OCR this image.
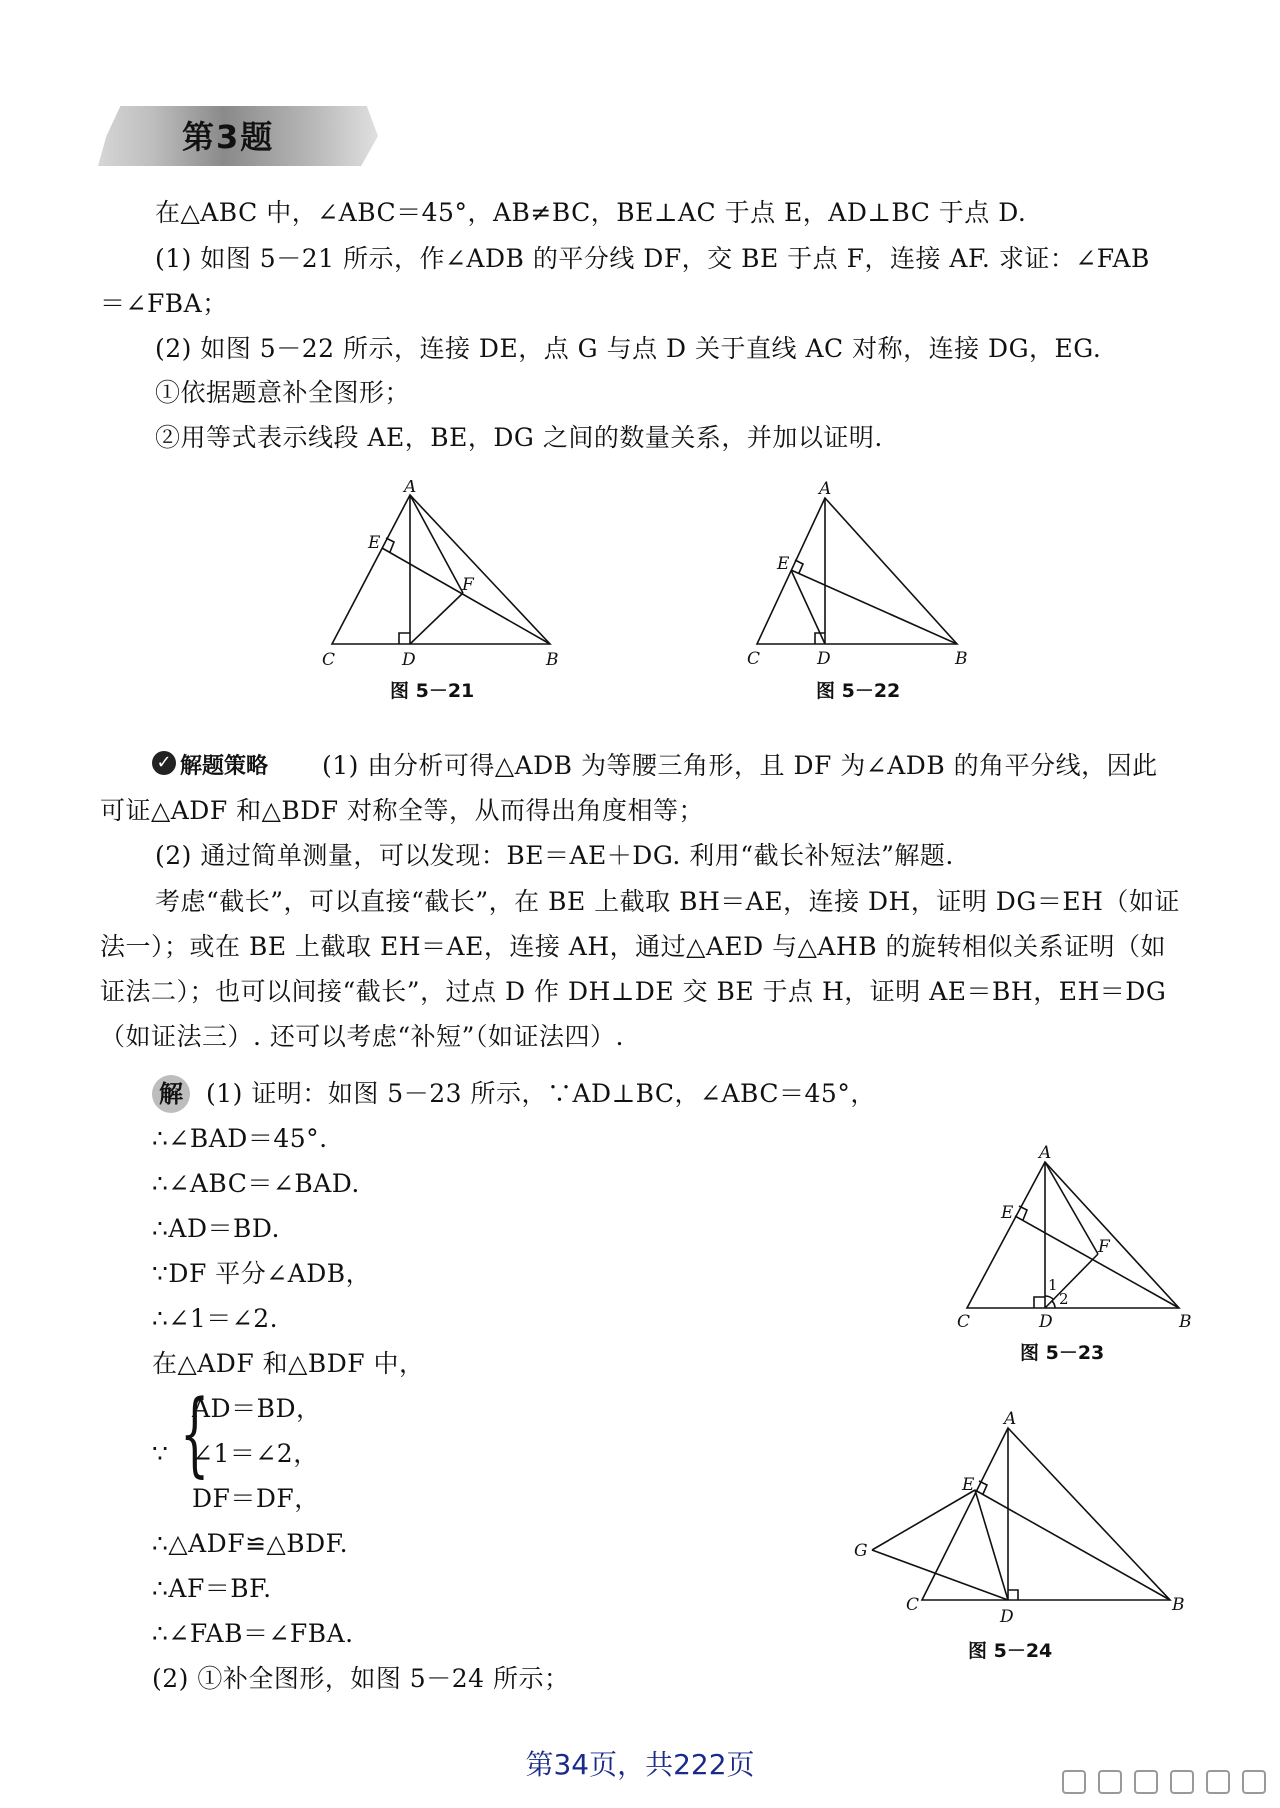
第3题
在△ABC 中，∠ABC＝45°，AB≠BC，BE⊥AC 于点 E，AD⊥BC 于点 D.
(1) 如图 5－21 所示，作∠ADB 的平分线 DF，交 BE 于点 F，连接 AF. 求证：∠FAB
＝∠FBA；
(2) 如图 5－22 所示，连接 DE，点 G 与点 D 关于直线 AC 对称，连接 DG，EG.
①依据题意补全图形；
②用等式表示线段 AE，BE，DG 之间的数量关系，并加以证明.
A
E
F
C	D	B
图 5－21
A
E
C	D	B
图 5－22
✓ 解题策略 (1) 由分析可得△ADB 为等腰三角形，且 DF 为∠ADB 的角平分线，因此
可证△ADF 和△BDF 对称全等，从而得出角度相等；
(2) 通过简单测量，可以发现：BE＝AE＋DG. 利用“截长补短法”解题.
考虑“截长”，可以直接“截长”，在 BE 上截取 BH＝AE，连接 DH，证明 DG＝EH（如证
法一）；或在 BE 上截取 EH＝AE，连接 AH，通过△AED 与△AHB 的旋转相似关系证明（如
证法二）；也可以间接“截长”，过点 D 作 DH⊥DE 交 BE 于点 H，证明 AE＝BH，EH＝DG
（如证法三）. 还可以考虑“补短”（如证法四）.
解 (1) 证明：如图 5－23 所示，∵AD⊥BC，∠ABC＝45°，
∴∠BAD＝45°.
∴∠ABC＝∠BAD.
∴AD＝BD.
∵DF 平分∠ADB，
∴∠1＝∠2.
在△ADF 和△BDF 中，
∵ {
AD＝BD，
∠1＝∠2，
DF＝DF，
∴△ADF≌△BDF.
∴AF＝BF.
∴∠FAB＝∠FBA.
(2) ①补全图形，如图 5－24 所示；
A
E
F
1
2
C	D	B
图 5－23
A
E
G
C
D
B
图 5－24
第34页，共222页
